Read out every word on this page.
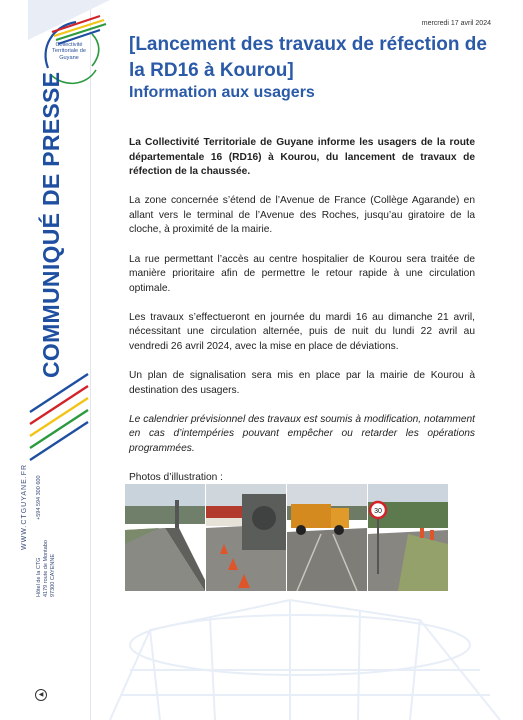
Collectivité Territoriale de Guyane
COMMUNIQUÉ DE PRESSE
Hôtel de la CTG 4179 route de Montabo 97300 CAYENNE
+594 594 300 600
WWW.CTGUYANE.FR
◀
mercredi 17 avril 2024
[Lancement des travaux de réfection de la RD16 à Kourou]
Information aux usagers

La Collectivité Territoriale de Guyane informe les usagers de la route départementale 16 (RD16) à Kourou, du lancement de travaux de réfection de la chaussée.

La zone concernée s’étend de l’Avenue de France (Collège Agarande) en allant vers le terminal de l’Avenue des Roches, jusqu’au giratoire de la cloche, à proximité de la mairie.

La rue permettant l’accès au centre hospitalier de Kourou sera traitée de manière prioritaire afin de permettre le retour rapide à une circulation optimale.

Les travaux s’effectueront en journée du mardi 16 au dimanche 21 avril, nécessitant une circulation alternée, puis de nuit du lundi 22 avril au vendredi 26 avril 2024, avec la mise en place de déviations.

Un plan de signalisation sera mis en place par la mairie de Kourou à destination des usagers.

Le calendrier prévisionnel des travaux est soumis à modification, notamment en cas d’intempéries pouvant empêcher ou retarder les opérations programmées.

Photos d’illustration :

30
